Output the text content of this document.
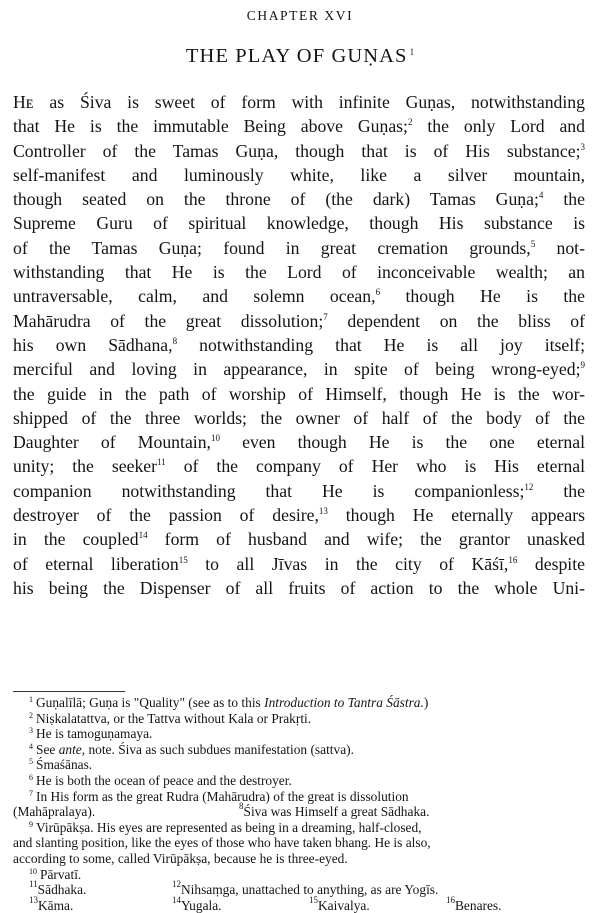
CHAPTER XVI
THE PLAY OF GUṆAS $^1$
Hᴇ as Śiva is sweet of form with infinite Guṇas, notwithstanding
that He is the immutable Being above Guṇas;$^2$ the only Lord and
Controller of the Tamas Guṇa, though that is of His substance;$^3$
self-manifest and luminously white, like a silver mountain,
though seated on the throne of (the dark) Tamas Guṇa;$^4$ the
Supreme Guru of spiritual knowledge, though His substance is
of the Tamas Guṇa; found in great cremation grounds,$^5$ not-
withstanding that He is the Lord of inconceivable wealth; an
untraversable, calm, and solemn ocean,$^6$ though He is the
Mahārudra of the great dissolution;$^7$ dependent on the bliss of
his own Sādhana,$^8$ notwithstanding that He is all joy itself;
merciful and loving in appearance, in spite of being wrong-eyed;$^9$
the guide in the path of worship of Himself, though He is the wor-
shipped of the three worlds; the owner of half of the body of the
Daughter of Mountain,$^{10}$ even though He is the one eternal
unity; the seeker$^{11}$ of the company of Her who is His eternal
companion notwithstanding that He is companionless;$^{12}$ the
destroyer of the passion of desire,$^{13}$ though He eternally appears
in the coupled$^{14}$ form of husband and wife; the grantor unasked
of eternal liberation$^{15}$ to all Jīvas in the city of Kāśī,$^{16}$ despite
his being the Dispenser of all fruits of action to the whole Uni-
$^1$ Guṇalīlā; Guṇa is "Quality" (see as to this Introduction to Tantra Śāstra.)
$^2$ Niṣkalatattva, or the Tattva without Kala or Prakṛti.
$^3$ He is tamoguṇamaya.
$^4$ See ante, note. Śiva as such subdues manifestation (sattva).
$^5$ Śmaśānas.
$^6$ He is both the ocean of peace and the destroyer.
$^7$ In His form as the great Rudra (Mahārudra) of the great is dissolution
(Mahāpralaya).	$^8$Śiva was Himself a great Sādhaka.
$^9$ Virūpākṣa. His eyes are represented as being in a dreaming, half-closed,
and slanting position, like the eyes of those who have taken bhang. He is also,
according to some, called Virūpākṣa, because he is three-eyed.
$^{10}$ Pārvatī.
$^{11}$Sādhaka.	$^{12}$Nihsaṃga, unattached to anything, as are Yogīs.
$^{13}$Kāma.	$^{14}$Yugala.	$^{15}$Kaivalya.	$^{16}$Benares.
